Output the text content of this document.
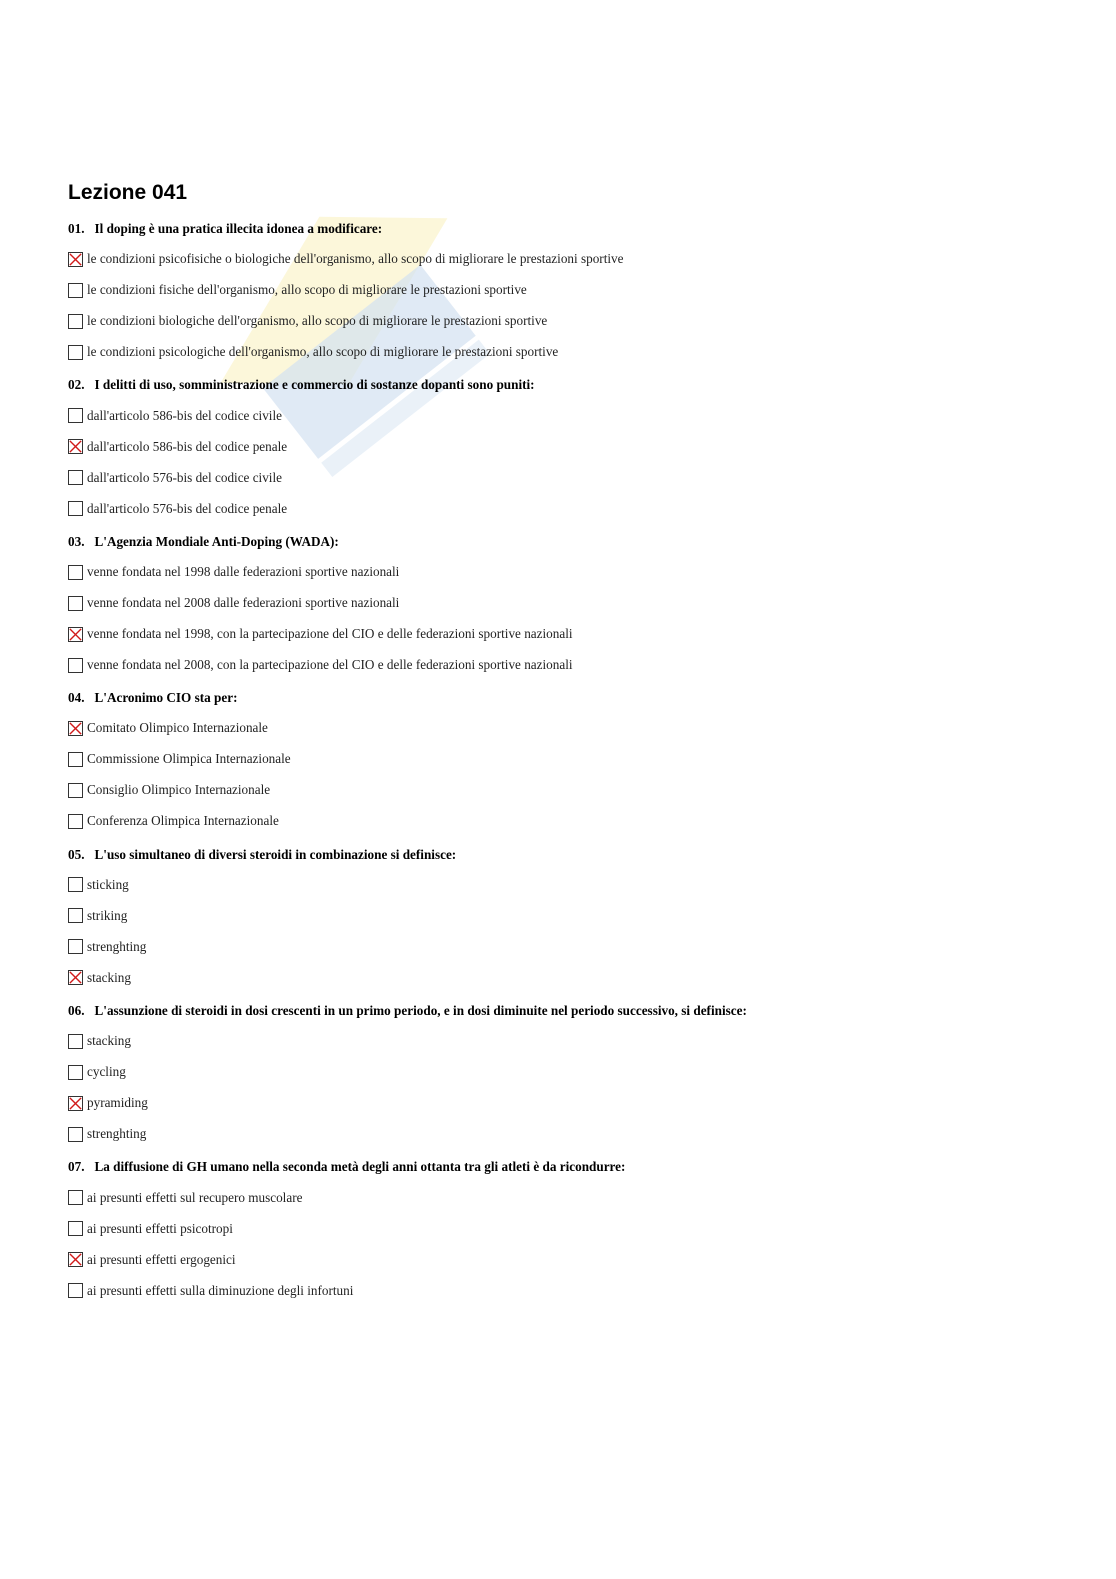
Lezione 041
01. Il doping è una pratica illecita idonea a modificare:
le condizioni psicofisiche o biologiche dell'organismo, allo scopo di migliorare le prestazioni sportive
le condizioni fisiche dell'organismo, allo scopo di migliorare le prestazioni sportive
le condizioni biologiche dell'organismo, allo scopo di migliorare le prestazioni sportive
le condizioni psicologiche dell'organismo, allo scopo di migliorare le prestazioni sportive
02. I delitti di uso, somministrazione e commercio di sostanze dopanti sono puniti:
dall'articolo 586-bis del codice civile
dall'articolo 586-bis del codice penale
dall'articolo 576-bis del codice civile
dall'articolo 576-bis del codice penale
03. L'Agenzia Mondiale Anti-Doping (WADA):
venne fondata nel 1998 dalle federazioni sportive nazionali
venne fondata nel 2008 dalle federazioni sportive nazionali
venne fondata nel 1998, con la partecipazione del CIO e delle federazioni sportive nazionali
venne fondata nel 2008, con la partecipazione del CIO e delle federazioni sportive nazionali
04. L'Acronimo CIO sta per:
Comitato Olimpico Internazionale
Commissione Olimpica Internazionale
Consiglio Olimpico Internazionale
Conferenza Olimpica Internazionale
05. L'uso simultaneo di diversi steroidi in combinazione si definisce:
sticking
striking
strenghting
stacking
06. L'assunzione di steroidi in dosi crescenti in un primo periodo, e in dosi diminuite nel periodo successivo, si definisce:
stacking
cycling
pyramiding
strenghting
07. La diffusione di GH umano nella seconda metà degli anni ottanta tra gli atleti è da ricondurre:
ai presunti effetti sul recupero muscolare
ai presunti effetti psicotropi
ai presunti effetti ergogenici
ai presunti effetti sulla diminuzione degli infortuni
